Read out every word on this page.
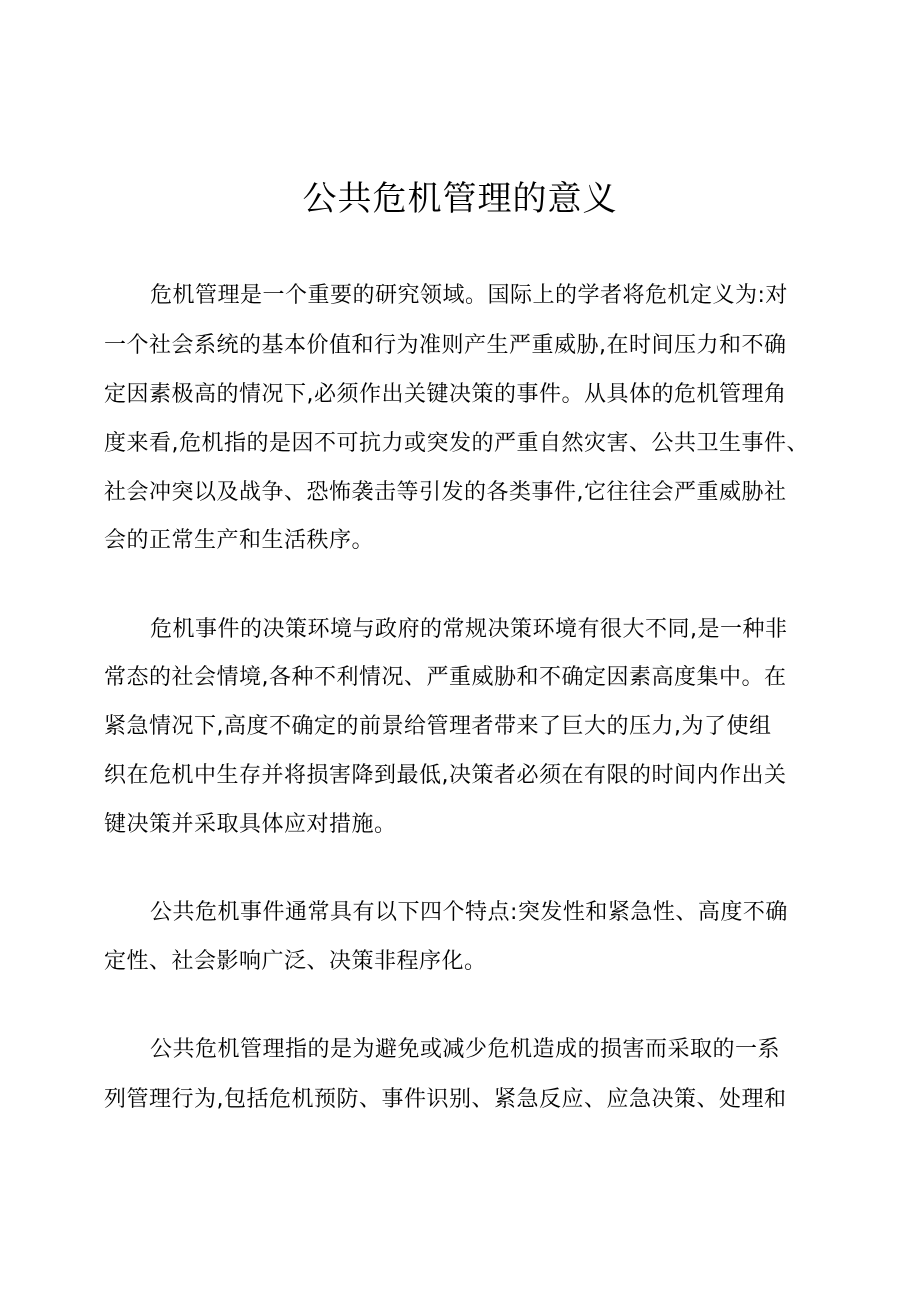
公共危机管理的意义
危机管理是一个重要的研究领域。国际上的学者将危机定义为:对
一个社会系统的基本价值和行为准则产生严重威胁,在时间压力和不确
定因素极高的情况下,必须作出关键决策的事件。从具体的危机管理角
度来看,危机指的是因不可抗力或突发的严重自然灾害、公共卫生事件、
社会冲突以及战争、恐怖袭击等引发的各类事件,它往往会严重威胁社
会的正常生产和生活秩序。
危机事件的决策环境与政府的常规决策环境有很大不同,是一种非
常态的社会情境,各种不利情况、严重威胁和不确定因素高度集中。在
紧急情况下,高度不确定的前景给管理者带来了巨大的压力,为了使组
织在危机中生存并将损害降到最低,决策者必须在有限的时间内作出关
键决策并采取具体应对措施。
公共危机事件通常具有以下四个特点:突发性和紧急性、高度不确
定性、社会影响广泛、决策非程序化。
公共危机管理指的是为避免或减少危机造成的损害而采取的一系
列管理行为,包括危机预防、事件识别、紧急反应、应急决策、处理和
